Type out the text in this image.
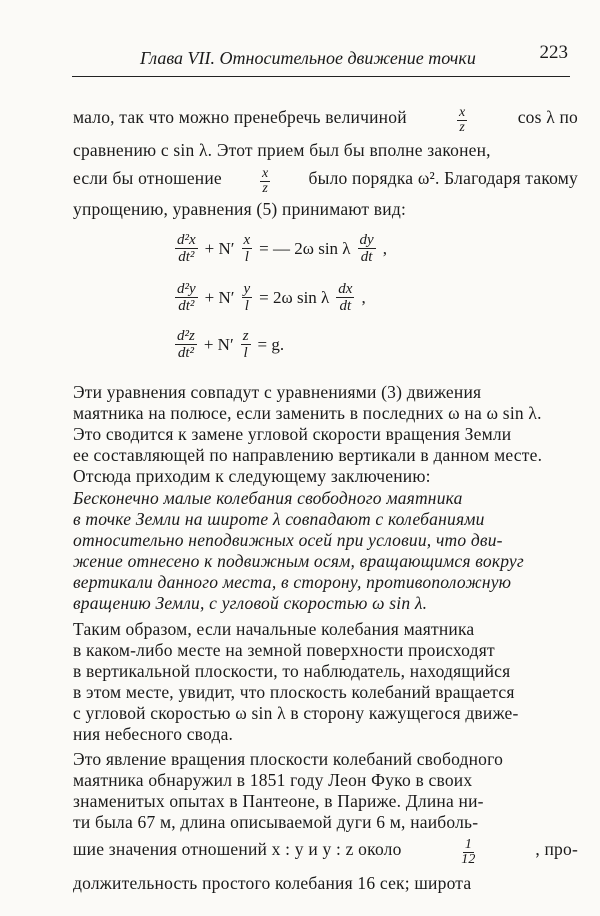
Глава VII. Относительное движение точки	223
мало, так что можно пренебречь величиной	$\frac{x}{z}$	cos λ по
сравнению с sin λ. Этот прием был бы вполне законен,
если бы отношение	$\frac{x}{z}$ было порядка ω². Благодаря такому
упрощению, уравнения (5) принимают вид:
$\frac{\text{d²x}}{\text{dt²}} + N' \frac{x}{l}$ = — 2ω sin λ $\frac{dy}{dt}$ ,
$\frac{\text{d²y}}{\text{dt²}} + N' \frac{y}{l} = 2\omega$ sin λ $\frac{dx}{dt}$ ,
$\frac{\text{d²z}}{\text{dt²}} + N' \frac{z}{l} = g$.
Эти уравнения совпадут с уравнениями (3) движения
маятника на полюсе, если заменить в последних ω на ω sin λ.
Это сводится к замене угловой скорости вращения Земли
ее составляющей по направлению вертикали в данном месте.
Отсюда приходим к следующему заключению:
Бесконечно малые колебания свободного маятника
в точке Земли на широте λ совпадают с колебаниями
относительно неподвижных осей при условии, что дви-
жение отнесено к подвижным осям, вращающимся вокруг
вертикали данного места, в сторону, противоположную
вращению Земли, с угловой скоростью ω sin λ.
Таким образом, если начальные колебания маятника
в каком-либо месте на земной поверхности происходят
в вертикальной плоскости, то наблюдатель, находящийся
в этом месте, увидит, что плоскость колебаний вращается
с угловой скоростью ω sin λ в сторону кажущегося движе-
ния небесного свода.
Это явление вращения плоскости колебаний свободного
маятника обнаружил в 1851 году Леон Фуко в своих
знаменитых опытах в Пантеоне, в Париже. Длина ни-
ти была 67 м, длина описываемой дуги 6 м, наиболь-
шие значения отношений x : y и y : z около	$\frac{1}{12}$	, про-
должительность простого колебания 16 сек; широта
